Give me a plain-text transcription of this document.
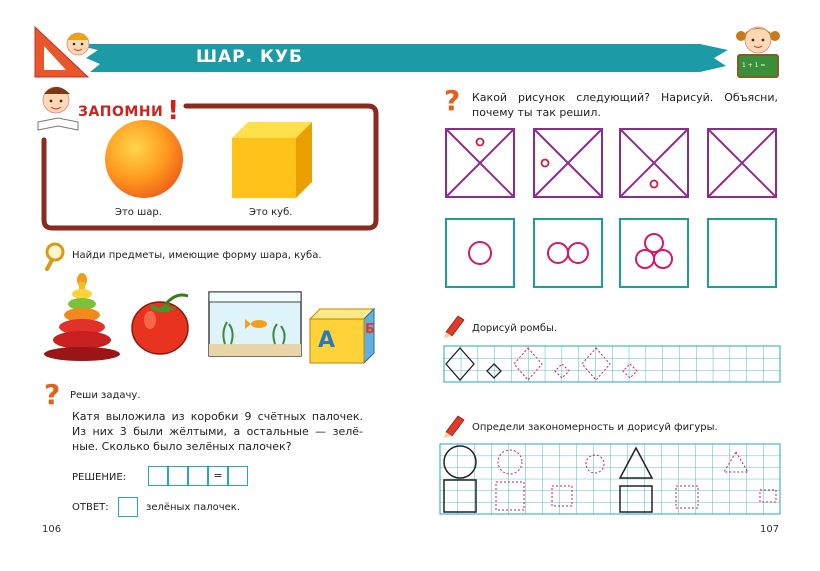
ШАР. КУБ	1 + 1 =
ЗАПОМНИ !
Это шар.	Это куб.
Найди предметы, имеющие форму шара, куба.
А Б
? Реши задачу.
Катя выложила из коробки 9 счётных палочек. Из них 3 были жёлтыми, а остальные — зелё-ные. Сколько было зелёных палочек?
РЕШЕНИЕ:	=
ОТВЕТ:	зелёных палочек.
106
? Какой рисунок следующий? Нарисуй. Объясни, почему ты так решил.
Дорисуй ромбы.
Определи закономерность и дорисуй фигуры.
107
